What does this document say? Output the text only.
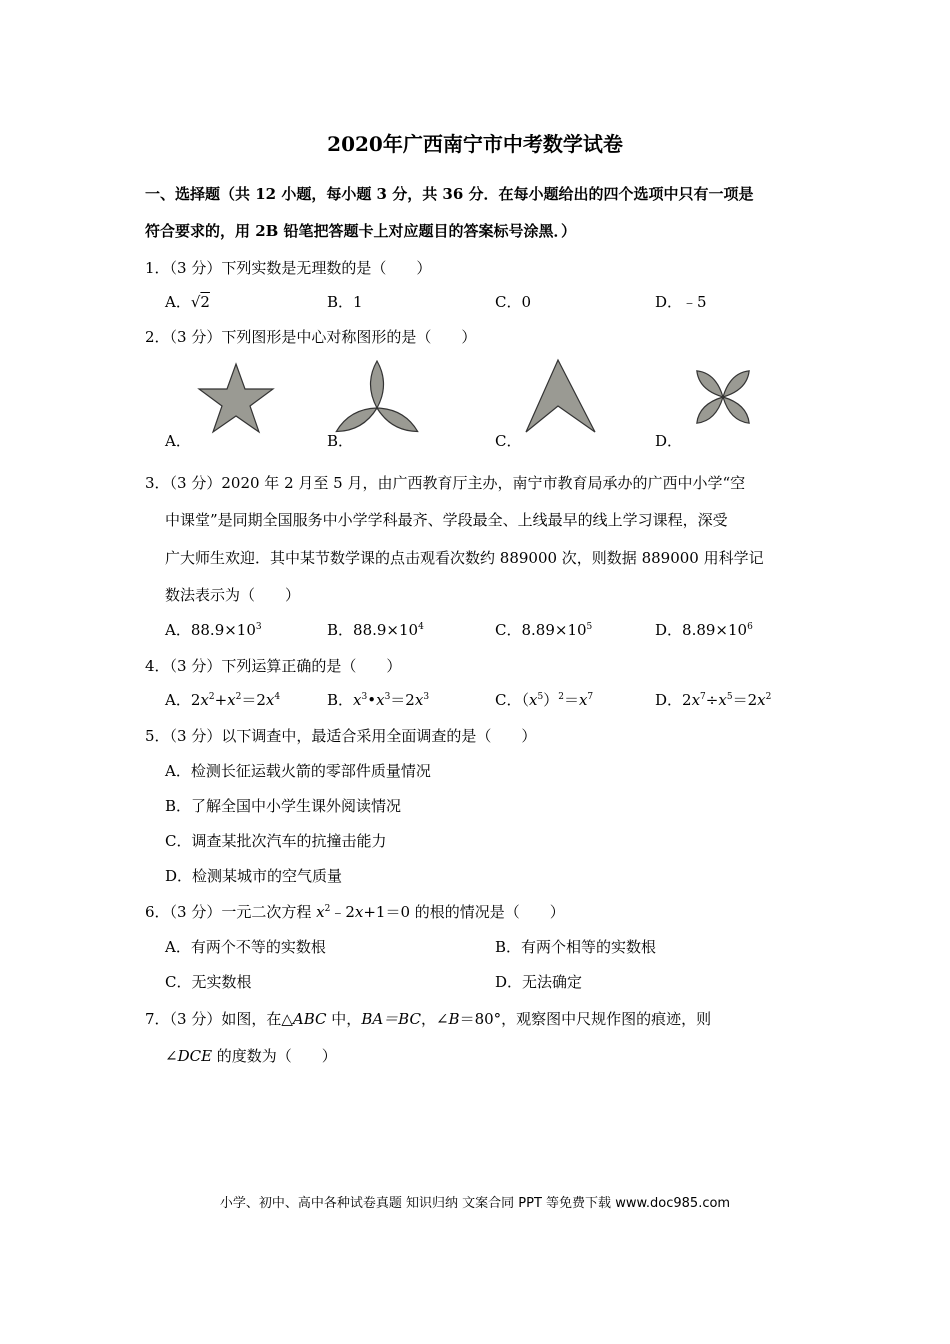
2020年广西南宁市中考数学试卷
一、选择题（共 12 小题，每小题 3 分，共 36 分．在每小题给出的四个选项中只有一项是
符合要求的，用 2B 铅笔把答题卡上对应题目的答案标号涂黑．）
1．（3 分）下列实数是无理数的是（　　）
A．√2	B．1	C．0	D．﹣5
2．（3 分）下列图形是中心对称图形的是（　　）
A．	B．	C．	D．
3．（3 分）2020 年 2 月至 5 月，由广西教育厅主办，南宁市教育局承办的广西中小学“空
中课堂”是同期全国服务中小学学科最齐、学段最全、上线最早的线上学习课程，深受
广大师生欢迎．其中某节数学课的点击观看次数约 889000 次，则数据 889000 用科学记
数法表示为（　　）
A．$88.9\times 10^3$	B．$88.9\times 10^4$	C．$8.89\times 10^5$	D．$8.89\times 10^6$
4．（3 分）下列运算正确的是（　　）
A．$2x^2+x^2=2x^4$	B．$x^3•x^3=2x^3$	C．$(x^5)^2=x^7$	D．$2x^7\div x^5=2x^2$
5．（3 分）以下调查中，最适合采用全面调查的是（　　）
A．检测长征运载火箭的零部件质量情况
B．了解全国中小学生课外阅读情况
C．调查某批次汽车的抗撞击能力
D．检测某城市的空气质量
6．（3 分）一元二次方程 $x^2﹣2x+1=0$ 的根的情况是（　　）
A．有两个不等的实数根	B．有两个相等的实数根
C．无实数根	D．无法确定
7．（3 分）如图，在△ABC 中，BA＝BC，∠B＝80°，观察图中尺规作图的痕迹，则
∠DCE 的度数为（　　）
小学、初中、高中各种试卷真题 知识归纳 文案合同 PPT 等免费下载 www.doc985.com
